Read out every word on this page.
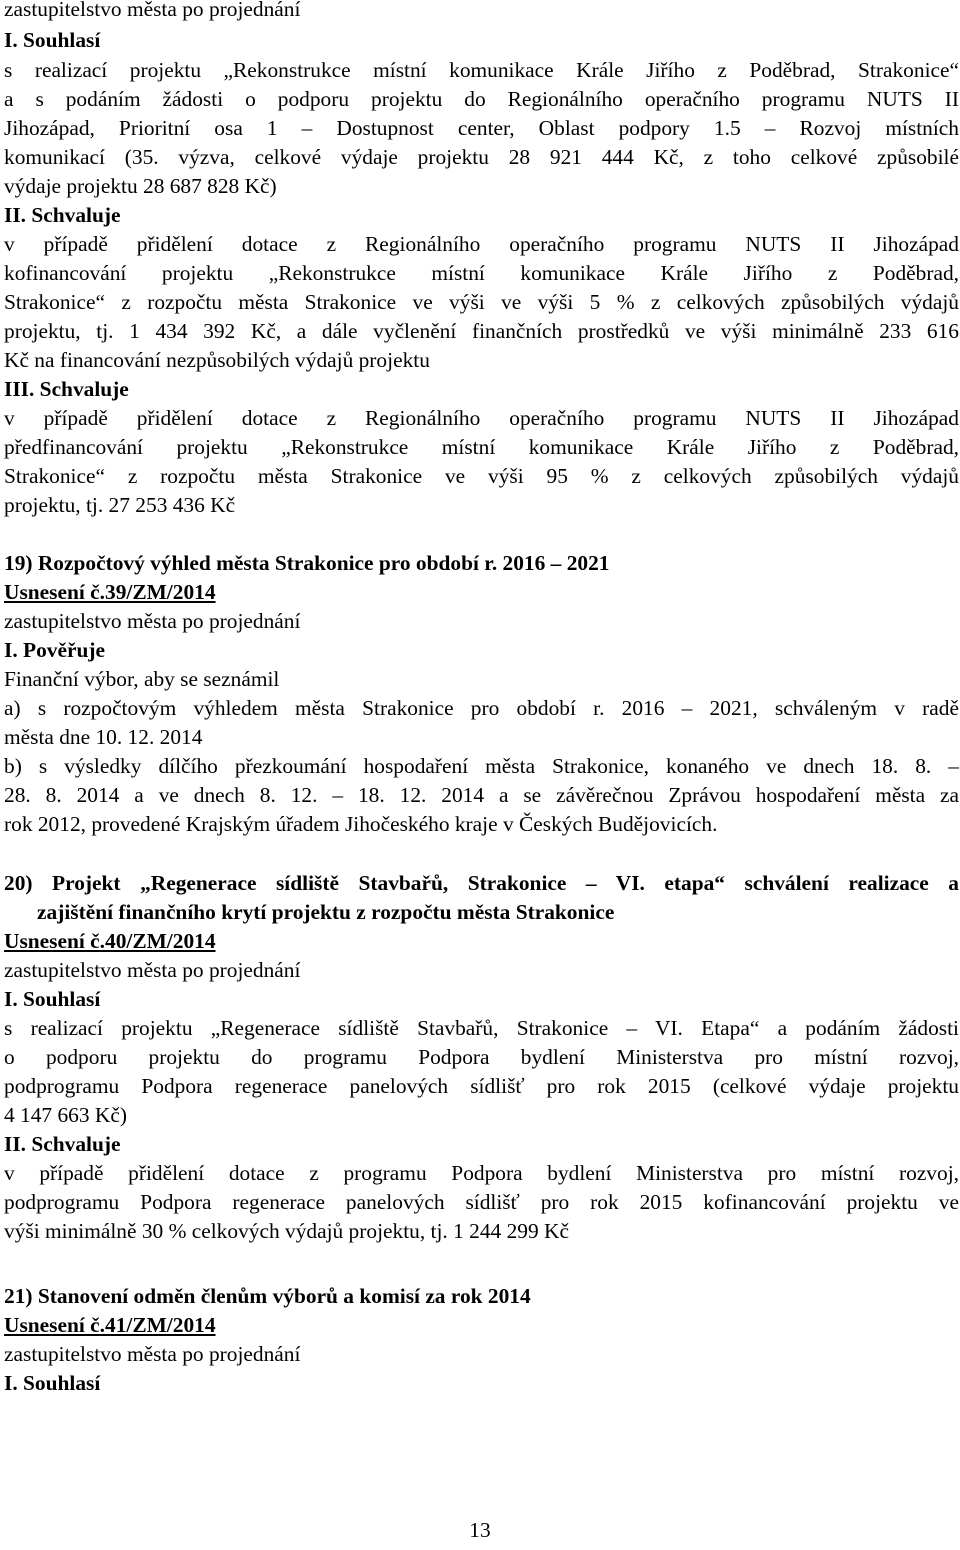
zastupitelstvo města po projednání
I. Souhlasí
s realizací projektu „Rekonstrukce místní komunikace Krále Jiřího z Poděbrad, Strakonice“
a s podáním žádosti o podporu projektu do Regionálního operačního programu NUTS II
Jihozápad, Prioritní osa 1 – Dostupnost center, Oblast podpory 1.5 – Rozvoj místních
komunikací (35. výzva, celkové výdaje projektu 28 921 444 Kč, z toho celkové způsobilé
výdaje projektu 28 687 828 Kč)
II. Schvaluje
v případě přidělení dotace z Regionálního operačního programu NUTS II Jihozápad
kofinancování projektu „Rekonstrukce místní komunikace Krále Jiřího z Poděbrad,
Strakonice“ z rozpočtu města Strakonice ve výši ve výši 5 % z celkových způsobilých výdajů
projektu, tj. 1 434 392 Kč, a dále vyčlenění finančních prostředků ve výši minimálně 233 616
Kč na financování nezpůsobilých výdajů projektu
III. Schvaluje
v případě přidělení dotace z Regionálního operačního programu NUTS II Jihozápad
předfinancování projektu „Rekonstrukce místní komunikace Krále Jiřího z Poděbrad,
Strakonice“ z rozpočtu města Strakonice ve výši 95 % z celkových způsobilých výdajů
projektu, tj. 27 253 436 Kč
19) Rozpočtový výhled města Strakonice pro období r. 2016 – 2021
Usnesení č.39/ZM/2014
zastupitelstvo města po projednání
I. Pověřuje
Finanční výbor, aby se seznámil
a) s rozpočtovým výhledem města Strakonice pro období r. 2016 – 2021, schváleným v radě
města dne 10. 12. 2014
b) s výsledky dílčího přezkoumání hospodaření města Strakonice, konaného ve dnech 18. 8. –
28. 8. 2014 a ve dnech 8. 12. – 18. 12. 2014 a se závěrečnou Zprávou hospodaření města za
rok 2012, provedené Krajským úřadem Jihočeského kraje v Českých Budějovicích.
20) Projekt „Regenerace sídliště Stavbařů, Strakonice – VI. etapa“ schválení realizace a
zajištění finančního krytí projektu z rozpočtu města Strakonice
Usnesení č.40/ZM/2014
zastupitelstvo města po projednání
I. Souhlasí
s realizací projektu „Regenerace sídliště Stavbařů, Strakonice – VI. Etapa“ a podáním žádosti
o podporu projektu do programu Podpora bydlení Ministerstva pro místní rozvoj,
podprogramu Podpora regenerace panelových sídlišť pro rok 2015 (celkové výdaje projektu
4 147 663 Kč)
II. Schvaluje
v případě přidělení dotace z programu Podpora bydlení Ministerstva pro místní rozvoj,
podprogramu Podpora regenerace panelových sídlišť pro rok 2015 kofinancování projektu ve
výši minimálně 30 % celkových výdajů projektu, tj. 1 244 299 Kč
21) Stanovení odměn členům výborů a komisí za rok 2014
Usnesení č.41/ZM/2014
zastupitelstvo města po projednání
I. Souhlasí
13
